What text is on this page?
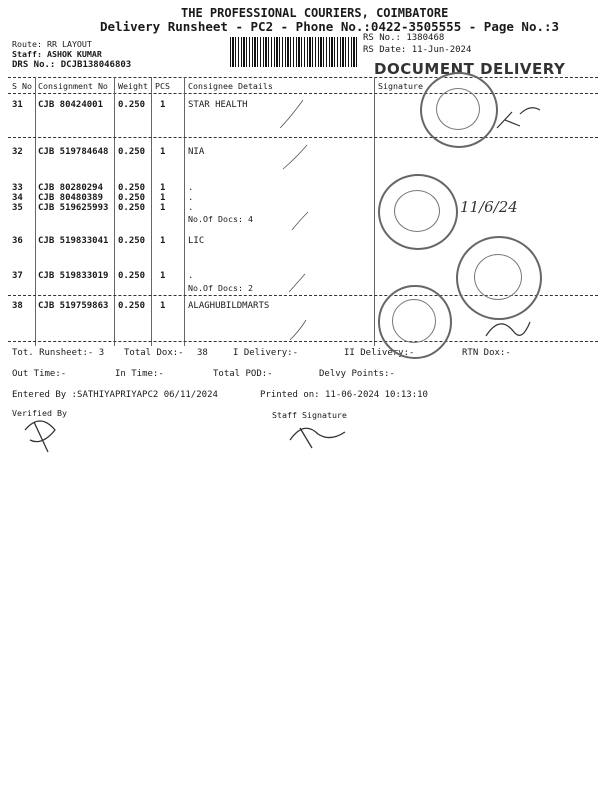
THE PROFESSIONAL COURIERS, COIMBATORE
Delivery Runsheet - PC2 - Phone No.:0422-3505555 - Page No.:3
Route: RR LAYOUT
Staff: ASHOK KUMAR
DRS No.: DCJB138046803
RS No.: 1380468
RS Date: 11-Jun-2024
DOCUMENT DELIVERY
S No Consignment No Weight PCS Consignee Details	Signature
31 CJB 80424001 0.250 1	STAR HEALTH
32 CJB 519784648 0.250 1	NIA
33 CJB 80280294 0.250 1	.
34 CJB 80480389 0.250 1	.
35 CJB 519625993 0.250 1	.
No.Of Docs: 4
36 CJB 519833041 0.250 1	LIC
37 CJB 519833019 0.250 1	.
No.Of Docs: 2
38 CJB 519759863 0.250 1	ALAGHUBILDMARTS
Tot. Runsheet:- 3 Total Dox:- 38	I Delivery:-	II Delivery:-	RTN Dox:-
Out Time:-	In Time:-	Total POD:-	Delvy Points:-
Entered By :SATHIYAPRIYAPC2 06/11/2024	Printed on: 11-06-2024 10:13:10
Verified By	Staff Signature
11/6/24
